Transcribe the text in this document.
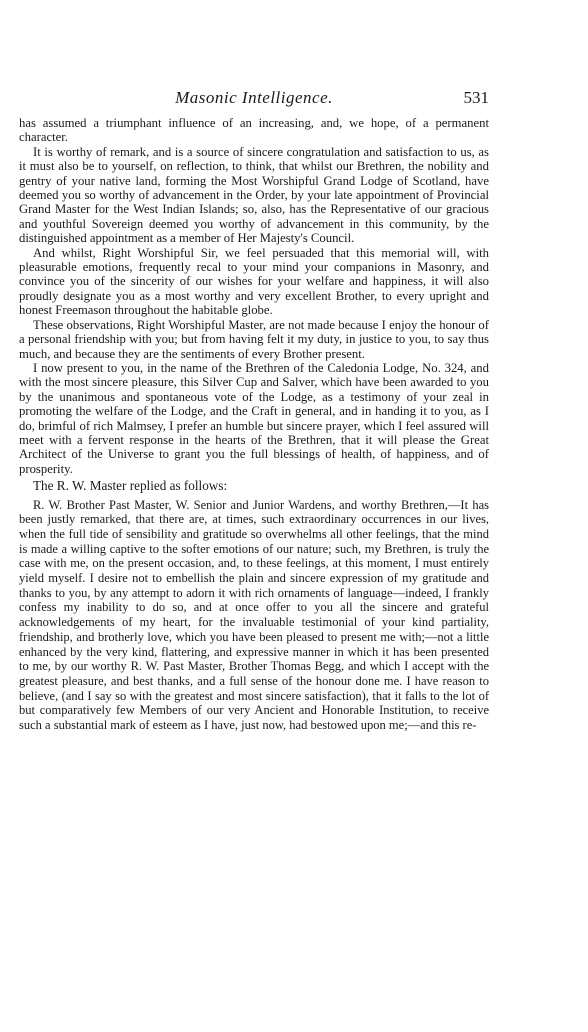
Masonic Intelligence.	531

has assumed a triumphant influence of an increasing, and, we hope, of a permanent character.

It is worthy of remark, and is a source of sincere congratulation and satisfaction to us, as it must also be to yourself, on reflection, to think, that whilst our Brethren, the nobility and gentry of your native land, forming the Most Worshipful Grand Lodge of Scotland, have deemed you so worthy of advancement in the Order, by your late appointment of Provincial Grand Master for the West Indian Islands; so, also, has the Representative of our gracious and youthful Sovereign deemed you worthy of advancement in this community, by the distinguished appointment as a member of Her Majesty's Council.

And whilst, Right Worshipful Sir, we feel persuaded that this memorial will, with pleasurable emotions, frequently recal to your mind your companions in Masonry, and convince you of the sincerity of our wishes for your welfare and happiness, it will also proudly designate you as a most worthy and very excellent Brother, to every upright and honest Freemason throughout the habitable globe.

These observations, Right Worshipful Master, are not made because I enjoy the honour of a personal friendship with you; but from having felt it my duty, in justice to you, to say thus much, and because they are the sentiments of every Brother present.

I now present to you, in the name of the Brethren of the Caledonia Lodge, No. 324, and with the most sincere pleasure, this Silver Cup and Salver, which have been awarded to you by the unanimous and spontaneous vote of the Lodge, as a testimony of your zeal in promoting the welfare of the Lodge, and the Craft in general, and in handing it to you, as I do, brimful of rich Malmsey, I prefer an humble but sincere prayer, which I feel assured will meet with a fervent response in the hearts of the Brethren, that it will please the Great Architect of the Universe to grant you the full blessings of health, of happiness, and of prosperity.

The R. W. Master replied as follows:

R. W. Brother Past Master, W. Senior and Junior Wardens, and worthy Brethren,—It has been justly remarked, that there are, at times, such extraordinary occurrences in our lives, when the full tide of sensibility and gratitude so overwhelms all other feelings, that the mind is made a willing captive to the softer emotions of our nature; such, my Brethren, is truly the case with me, on the present occasion, and, to these feelings, at this moment, I must entirely yield myself. I desire not to embellish the plain and sincere expression of my gratitude and thanks to you, by any attempt to adorn it with rich ornaments of language—indeed, I frankly confess my inability to do so, and at once offer to you all the sincere and grateful acknowledgements of my heart, for the invaluable testimonial of your kind partiality, friendship, and brotherly love, which you have been pleased to present me with;—not a little enhanced by the very kind, flattering, and expressive manner in which it has been presented to me, by our worthy R. W. Past Master, Brother Thomas Begg, and which I accept with the greatest pleasure, and best thanks, and a full sense of the honour done me. I have reason to believe, (and I say so with the greatest and most sincere satisfaction), that it falls to the lot of but comparatively few Members of our very Ancient and Honorable Institution, to receive such a substantial mark of esteem as I have, just now, had bestowed upon me;—and this re-
